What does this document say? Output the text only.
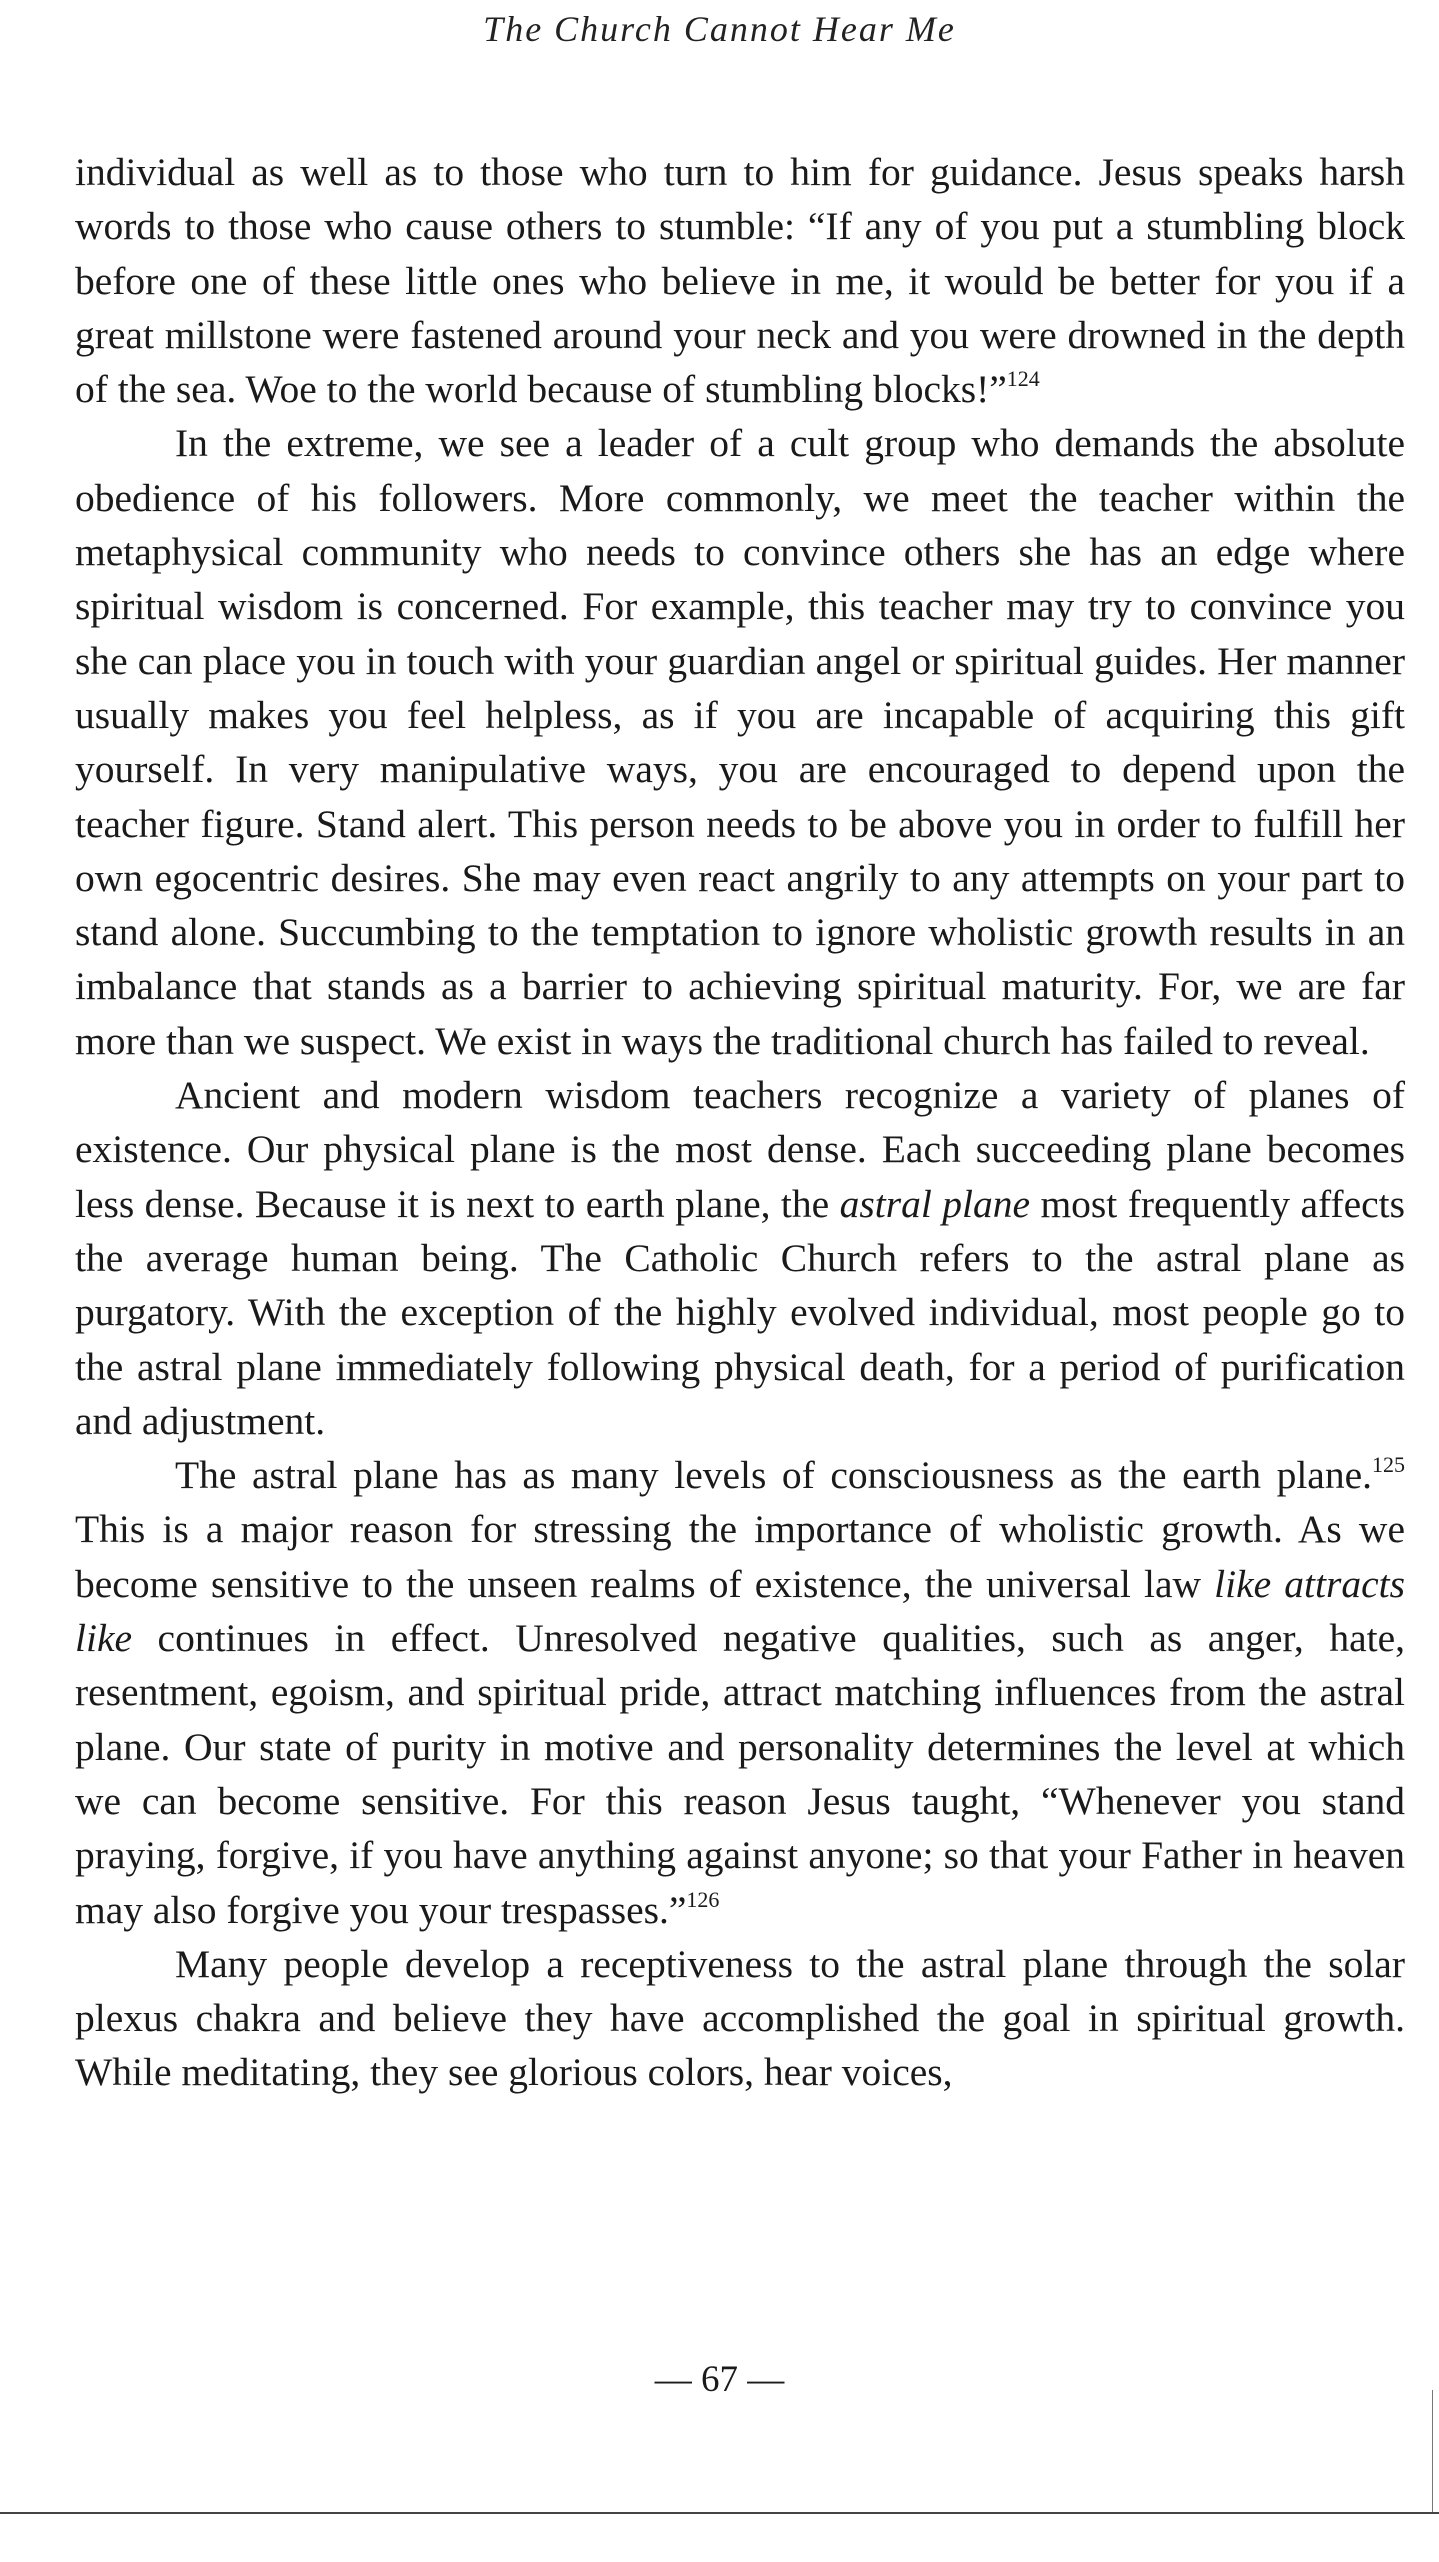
The Church Cannot Hear Me

individual as well as to those who turn to him for guidance. Jesus speaks harsh words to those who cause others to stumble: “If any of you put a stumbling block before one of these little ones who believe in me, it would be better for you if a great millstone were fastened around your neck and you were drowned in the depth of the sea. Woe to the world because of stumbling blocks!”$^{124}$

In the extreme, we see a leader of a cult group who demands the absolute obedience of his followers. More commonly, we meet the teacher within the metaphysical community who needs to convince others she has an edge where spiritual wisdom is concerned. For example, this teacher may try to convince you she can place you in touch with your guardian angel or spiritual guides. Her manner usually makes you feel helpless, as if you are incapable of acquiring this gift yourself. In very manipulative ways, you are encouraged to depend upon the teacher figure. Stand alert. This person needs to be above you in order to fulfill her own egocentric desires. She may even react angrily to any attempts on your part to stand alone. Succumbing to the temptation to ignore wholistic growth results in an imbalance that stands as a barrier to achieving spiritual maturity. For, we are far more than we suspect. We exist in ways the traditional church has failed to reveal.

Ancient and modern wisdom teachers recognize a variety of planes of existence. Our physical plane is the most dense. Each succeeding plane becomes less dense. Because it is next to earth plane, the astral plane most frequently affects the average human being. The Catholic Church refers to the astral plane as purgatory. With the exception of the highly evolved individual, most people go to the astral plane immediately following physical death, for a period of purification and adjustment.

The astral plane has as many levels of consciousness as the earth plane.$^{125}$ This is a major reason for stressing the importance of wholistic growth. As we become sensitive to the unseen realms of existence, the universal law like attracts like continues in effect. Unresolved negative qualities, such as anger, hate, resentment, egoism, and spiritual pride, attract matching influences from the astral plane. Our state of purity in motive and personality determines the level at which we can become sensitive. For this reason Jesus taught, “Whenever you stand praying, forgive, if you have anything against anyone; so that your Father in heaven may also forgive you your trespasses.”$^{126}$

Many people develop a receptiveness to the astral plane through the solar plexus chakra and believe they have accomplished the goal in spiritual growth. While meditating, they see glorious colors, hear voices,

— 67 —
